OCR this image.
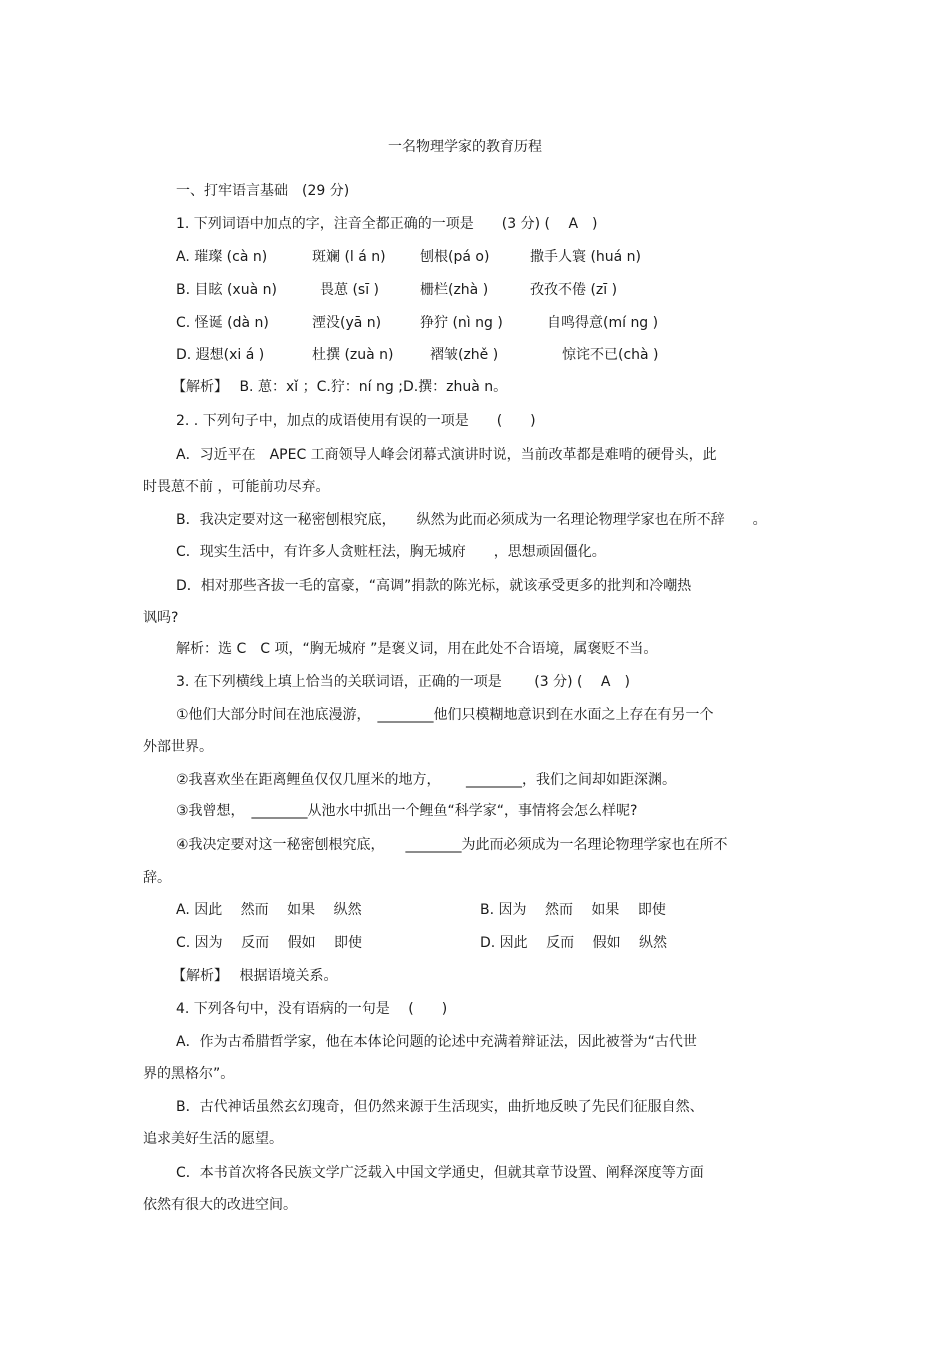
一名物理学家的教育历程
一、打牢语言基础　(29 分)
1. 下列词语中加点的字，注音全都正确的一项是　　(3 分) (　 A　)
A. 璀璨 (cà n)	斑斓 (l á n) 刨根(pá o)	撒手人寰 (huá n)
B. 目眩 (xuà n)	畏葸 (sī )	栅栏(zhà )	孜孜不倦 (zī )
C. 怪诞 (dà n)	湮没(yā n)	狰狞 (nì ng )	自鸣得意(mí ng )
D. 遐想(xi á )	杜撰 (zuà n)	褶皱(zhě )	惊诧不已(chà )
【解析】　 B. 葸：xǐ ；C.狞：ní ng ;D.撰：zhuà n。
2. . 下列句子中，加点的成语使用有误的一项是　　(　　)
A．习近平在　APEC 工商领导人峰会闭幕式演讲时说，当前改革都是难啃的硬骨头，此
时畏葸不前 ，可能前功尽弃。
B．我决定要对这一秘密刨根究底，　　纵然为此而必须成为一名理论物理学家也在所不辞　　。
C．现实生活中，有许多人贪赃枉法，胸无城府　　，思想顽固僵化。
D．相对那些吝拔一毛的富豪，“高调”捐款的陈光标，就该承受更多的批判和冷嘲热
讽吗?
解析：选 C　C 项，“胸无城府 ”是褒义词，用在此处不合语境，属褒贬不当。
3. 在下列横线上填上恰当的关联词语，正确的一项是　　 (3 分) (　 A　)
①他们大部分时间在池底漫游，　________他们只模糊地意识到在水面之上存在有另一个
外部世界。
②我喜欢坐在距离鲤鱼仅仅几厘米的地方，　　 ________，我们之间却如距深渊。
③我曾想，　________从池水中抓出一个鲤鱼“科学家“，事情将会怎么样呢?
④我决定要对这一秘密刨根究底，　　________为此而必须成为一名理论物理学家也在所不
辞。
A. 因此　 然而　 如果　 纵然	B. 因为　 然而　 如果　 即使
C. 因为　 反而　 假如　 即使	D. 因此　 反而　 假如　 纵然
【解析】　 根据语境关系。
4. 下列各句中，没有语病的一句是　 (　　)
A．作为古希腊哲学家，他在本体论问题的论述中充满着辩证法，因此被誉为“古代世
界的黑格尔”。
B．古代神话虽然玄幻瑰奇，但仍然来源于生活现实，曲折地反映了先民们征服自然、
追求美好生活的愿望。
C．本书首次将各民族文学广泛载入中国文学通史，但就其章节设置、阐释深度等方面
依然有很大的改进空间。
